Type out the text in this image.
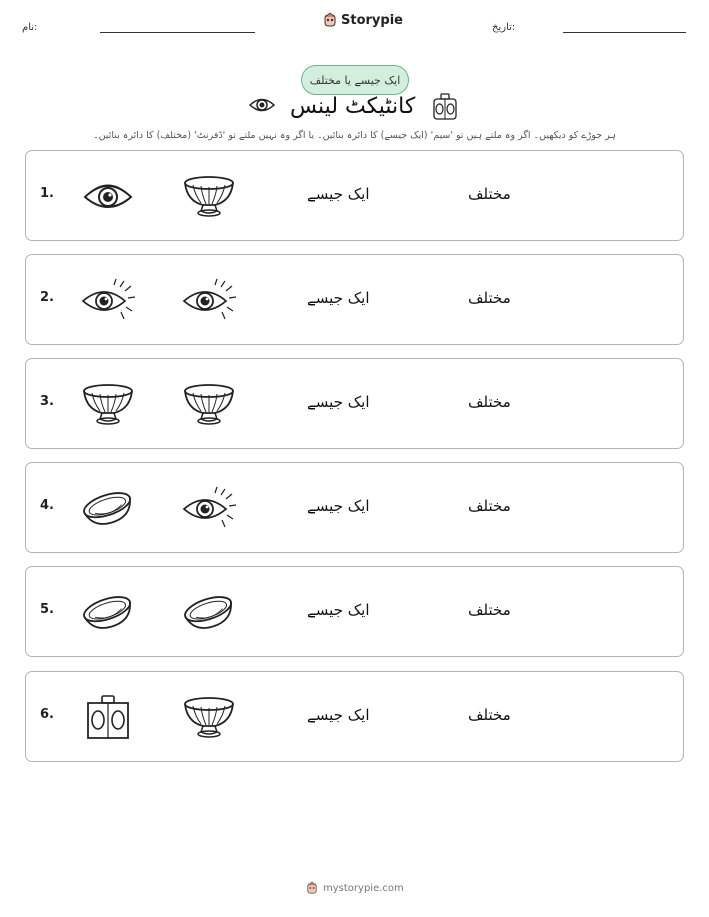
نام:	Storypie	تاریخ:
ایک جیسے یا مختلف
کانٹیکٹ لینس
ہر جوڑے کو دیکھیں۔ اگر وہ ملتے ہیں تو 'سیم' (ایک جیسے) کا دائرہ بنائیں۔ یا اگر وہ نہیں ملتے تو 'ڈفرنٹ' (مختلف) کا دائرہ بنائیں۔
1.	ایک جیسے	مختلف
2.	ایک جیسے	مختلف
3.	ایک جیسے	مختلف
4.	ایک جیسے	مختلف
5.	ایک جیسے	مختلف
6.	ایک جیسے	مختلف
mystorypie.com
